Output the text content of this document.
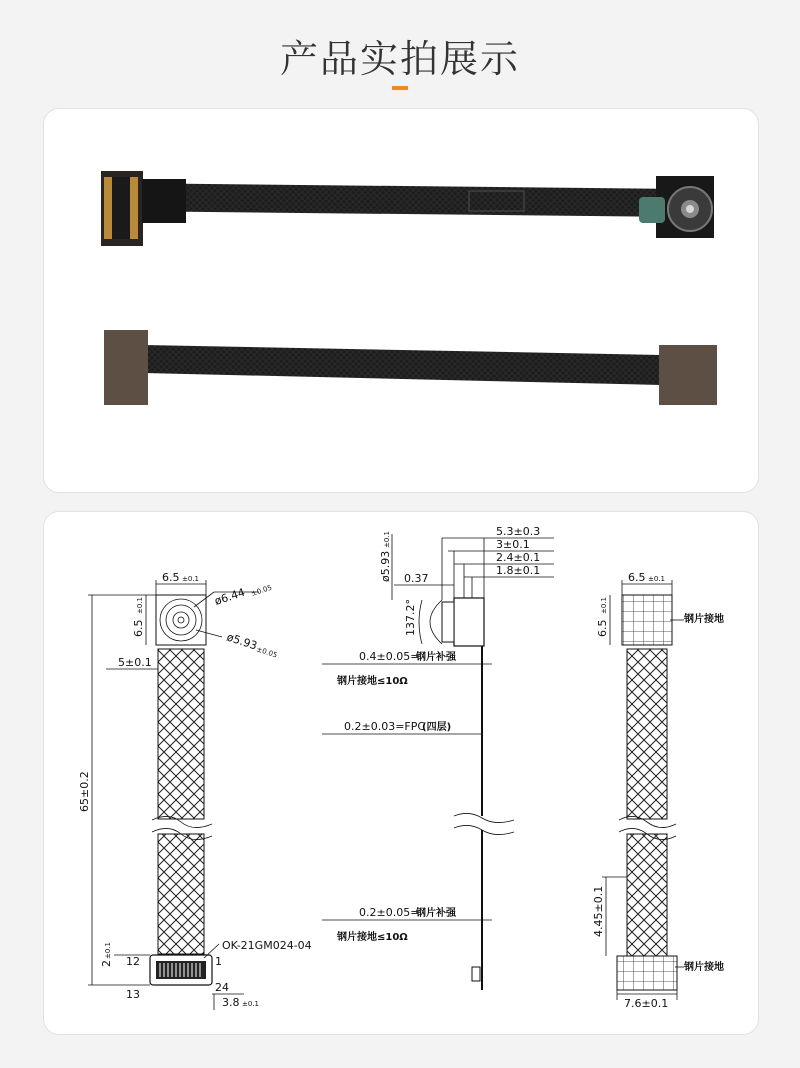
产品实拍展示
6.5 ±0.1
6.5
±0.1	ø6.44 ±0.05
ø5.93
±0.05
5±0.1
65±0.2
2
±0.1	OK-21GM024-04
12	1
13
24
3.8 ±0.1
5.3±0.3
3±0.1
2.4±0.1
1.8±0.1
0.37
ø5.93
±0.1
137.2°
0.4±0.05=
钢片补强
钢片接地≤10Ω
0.2±0.03=FPC
(四层)
0.2±0.05=
钢片补强
钢片接地≤10Ω
6.5 ±0.1
6.5
±0.1
钢片接地
4.45±0.1
7.6±0.1
钢片接地
